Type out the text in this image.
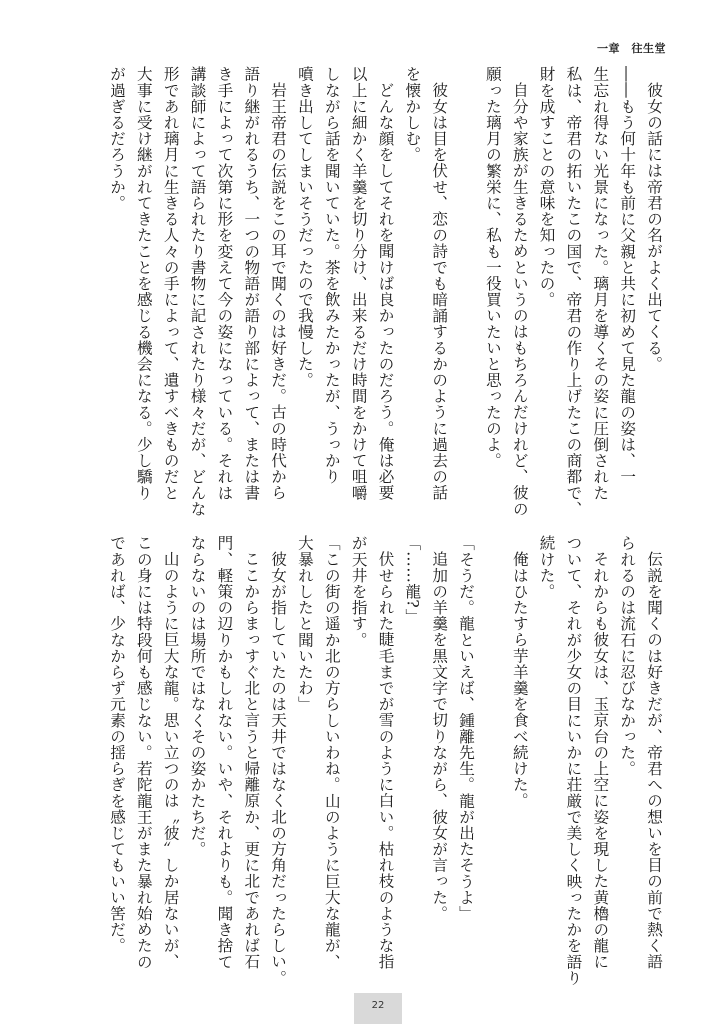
一章　往生堂
彼女の話には帝君の名がよく出てくる。
――もう何十年も前に父親と共に初めて見た龍の姿は、一
生忘れ得ない光景になった。璃月を導くその姿に圧倒された
私は、帝君の拓いたこの国で、帝君の作り上げたこの商都で、
財を成すことの意味を知ったの。
自分や家族が生きるためというのはもちろんだけれど、彼の
願った璃月の繁栄に、私も一役買いたいと思ったのよ。
彼女は目を伏せ、恋の詩でも暗誦するかのように過去の話
を懐かしむ。
どんな顔をしてそれを聞けば良かったのだろう。俺は必要
以上に細かく羊羹を切り分け、出来るだけ時間をかけて咀嚼
しながら話を聞いていた。茶を飲みたかったが、うっかり
噴き出してしまいそうだったので我慢した。
岩王帝君の伝説をこの耳で聞くのは好きだ。古の時代から
語り継がれるうち、一つの物語が語り部によって、または書
き手によって次第に形を変えて今の姿になっている。それは
講談師によって語られたり書物に記されたり様々だが、どんな
形であれ璃月に生きる人々の手によって、遺すべきものだと
大事に受け継がれてきたことを感じる機会になる。少し驕り
が過ぎるだろうか。
伝説を聞くのは好きだが、帝君への想いを目の前で熱く語
られるのは流石に忍びなかった。
それからも彼女は、玉京台の上空に姿を現した黄櫓の龍に
ついて、それが少女の目にいかに荘厳で美しく映ったかを語り
続けた。
俺はひたすら芋羊羹を食べ続けた。
「そうだ。龍といえば、鍾離先生。龍が出たそうよ」
追加の羊羹を黒文字で切りながら、彼女が言った。
「……龍?」
伏せられた睫毛までが雪のように白い。枯れ枝のような指
が天井を指す。
「この街の遥か北の方らしいわね。山のように巨大な龍が、
大暴れしたと聞いたわ」
彼女が指していたのは天井ではなく北の方角だったらしい。
ここからまっすぐ北と言うと帰離原か、更に北であれば石
門、軽策の辺りかもしれない。いや、それよりも。聞き捨て
ならないのは場所ではなくその姿かたちだ。
山のように巨大な龍。思い立つのは〝彼〟しか居ないが、
この身には特段何も感じない。若陀龍王がまた暴れ始めたの
であれば、少なからず元素の揺らぎを感じてもいい筈だ。
22
